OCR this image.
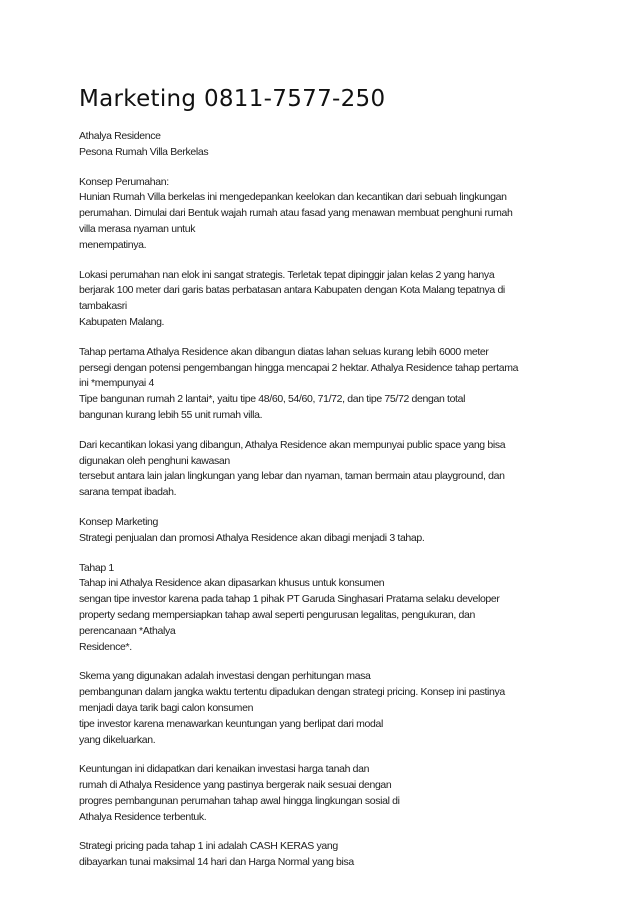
Marketing 0811-7577-250
Athalya Residence
Pesona Rumah Villa Berkelas
Konsep Perumahan:
Hunian Rumah Villa berkelas ini mengedepankan keelokan dan kecantikan dari sebuah lingkungan
perumahan. Dimulai dari Bentuk wajah rumah atau fasad yang menawan membuat penghuni rumah
villa merasa nyaman untuk
menempatinya.
Lokasi perumahan nan elok ini sangat strategis. Terletak tepat dipinggir jalan kelas 2 yang hanya
berjarak 100 meter dari garis batas perbatasan antara Kabupaten dengan Kota Malang tepatnya di
tambakasri
Kabupaten Malang.
Tahap pertama Athalya Residence akan dibangun diatas lahan seluas kurang lebih 6000 meter
persegi dengan potensi pengembangan hingga mencapai 2 hektar. Athalya Residence tahap pertama
ini *mempunyai 4
Tipe bangunan rumah 2 lantai*, yaitu tipe 48/60, 54/60, 71/72, dan tipe 75/72 dengan total
bangunan kurang lebih 55 unit rumah villa.
Dari kecantikan lokasi yang dibangun, Athalya Residence akan mempunyai public space yang bisa
digunakan oleh penghuni kawasan
tersebut antara lain jalan lingkungan yang lebar dan nyaman, taman bermain atau playground, dan
sarana tempat ibadah.
Konsep Marketing
Strategi penjualan dan promosi Athalya Residence akan dibagi menjadi 3 tahap.
Tahap 1
Tahap ini Athalya Residence akan dipasarkan khusus untuk konsumen
sengan tipe investor karena pada tahap 1 pihak PT Garuda Singhasari Pratama selaku developer
property sedang mempersiapkan tahap awal seperti pengurusan legalitas, pengukuran, dan
perencanaan *Athalya
Residence*.
Skema yang digunakan adalah investasi dengan perhitungan masa
pembangunan dalam jangka waktu tertentu dipadukan dengan strategi pricing. Konsep ini pastinya
menjadi daya tarik bagi calon konsumen
tipe investor karena menawarkan keuntungan yang berlipat dari modal
yang dikeluarkan.
Keuntungan ini didapatkan dari kenaikan investasi harga tanah dan
rumah di Athalya Residence yang pastinya bergerak naik sesuai dengan
progres pembangunan perumahan tahap awal hingga lingkungan sosial di
Athalya Residence terbentuk.
Strategi pricing pada tahap 1 ini adalah CASH KERAS yang
dibayarkan tunai maksimal 14 hari dan Harga Normal yang bisa
